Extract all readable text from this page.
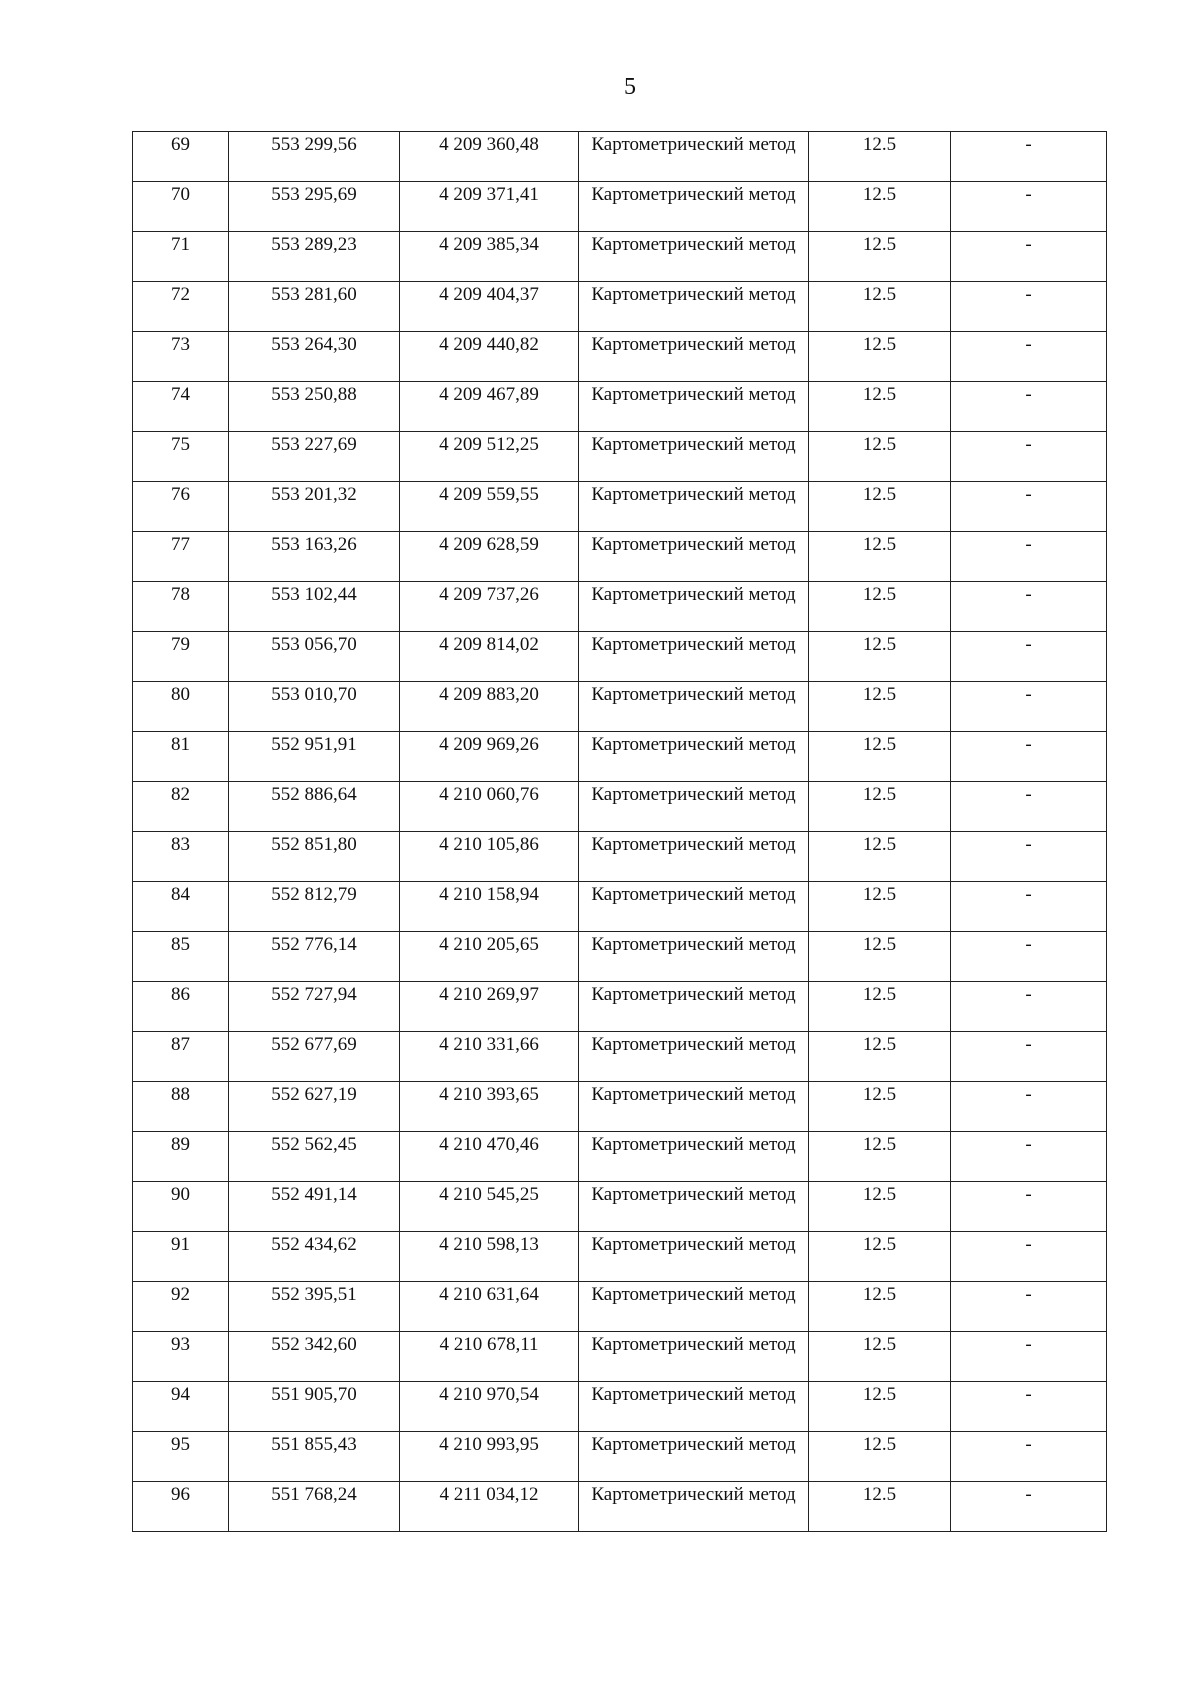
5
69	553 299,56	4 209 360,48	Картометрический метод	12.5	-

70	553 295,69	4 209 371,41	Картометрический метод	12.5	-

71	553 289,23	4 209 385,34	Картометрический метод	12.5	-

72	553 281,60	4 209 404,37	Картометрический метод	12.5	-

73	553 264,30	4 209 440,82	Картометрический метод	12.5	-

74	553 250,88	4 209 467,89	Картометрический метод	12.5	-

75	553 227,69	4 209 512,25	Картометрический метод	12.5	-

76	553 201,32	4 209 559,55	Картометрический метод	12.5	-

77	553 163,26	4 209 628,59	Картометрический метод	12.5	-

78	553 102,44	4 209 737,26	Картометрический метод	12.5	-

79	553 056,70	4 209 814,02	Картометрический метод	12.5	-

80	553 010,70	4 209 883,20	Картометрический метод	12.5	-

81	552 951,91	4 209 969,26	Картометрический метод	12.5	-

82	552 886,64	4 210 060,76	Картометрический метод	12.5	-

83	552 851,80	4 210 105,86	Картометрический метод	12.5	-

84	552 812,79	4 210 158,94	Картометрический метод	12.5	-

85	552 776,14	4 210 205,65	Картометрический метод	12.5	-

86	552 727,94	4 210 269,97	Картометрический метод	12.5	-

87	552 677,69	4 210 331,66	Картометрический метод	12.5	-

88	552 627,19	4 210 393,65	Картометрический метод	12.5	-

89	552 562,45	4 210 470,46	Картометрический метод	12.5	-

90	552 491,14	4 210 545,25	Картометрический метод	12.5	-

91	552 434,62	4 210 598,13	Картометрический метод	12.5	-

92	552 395,51	4 210 631,64	Картометрический метод	12.5	-

93	552 342,60	4 210 678,11	Картометрический метод	12.5	-

94	551 905,70	4 210 970,54	Картометрический метод	12.5	-

95	551 855,43	4 210 993,95	Картометрический метод	12.5	-

96	551 768,24	4 211 034,12	Картометрический метод	12.5	-
